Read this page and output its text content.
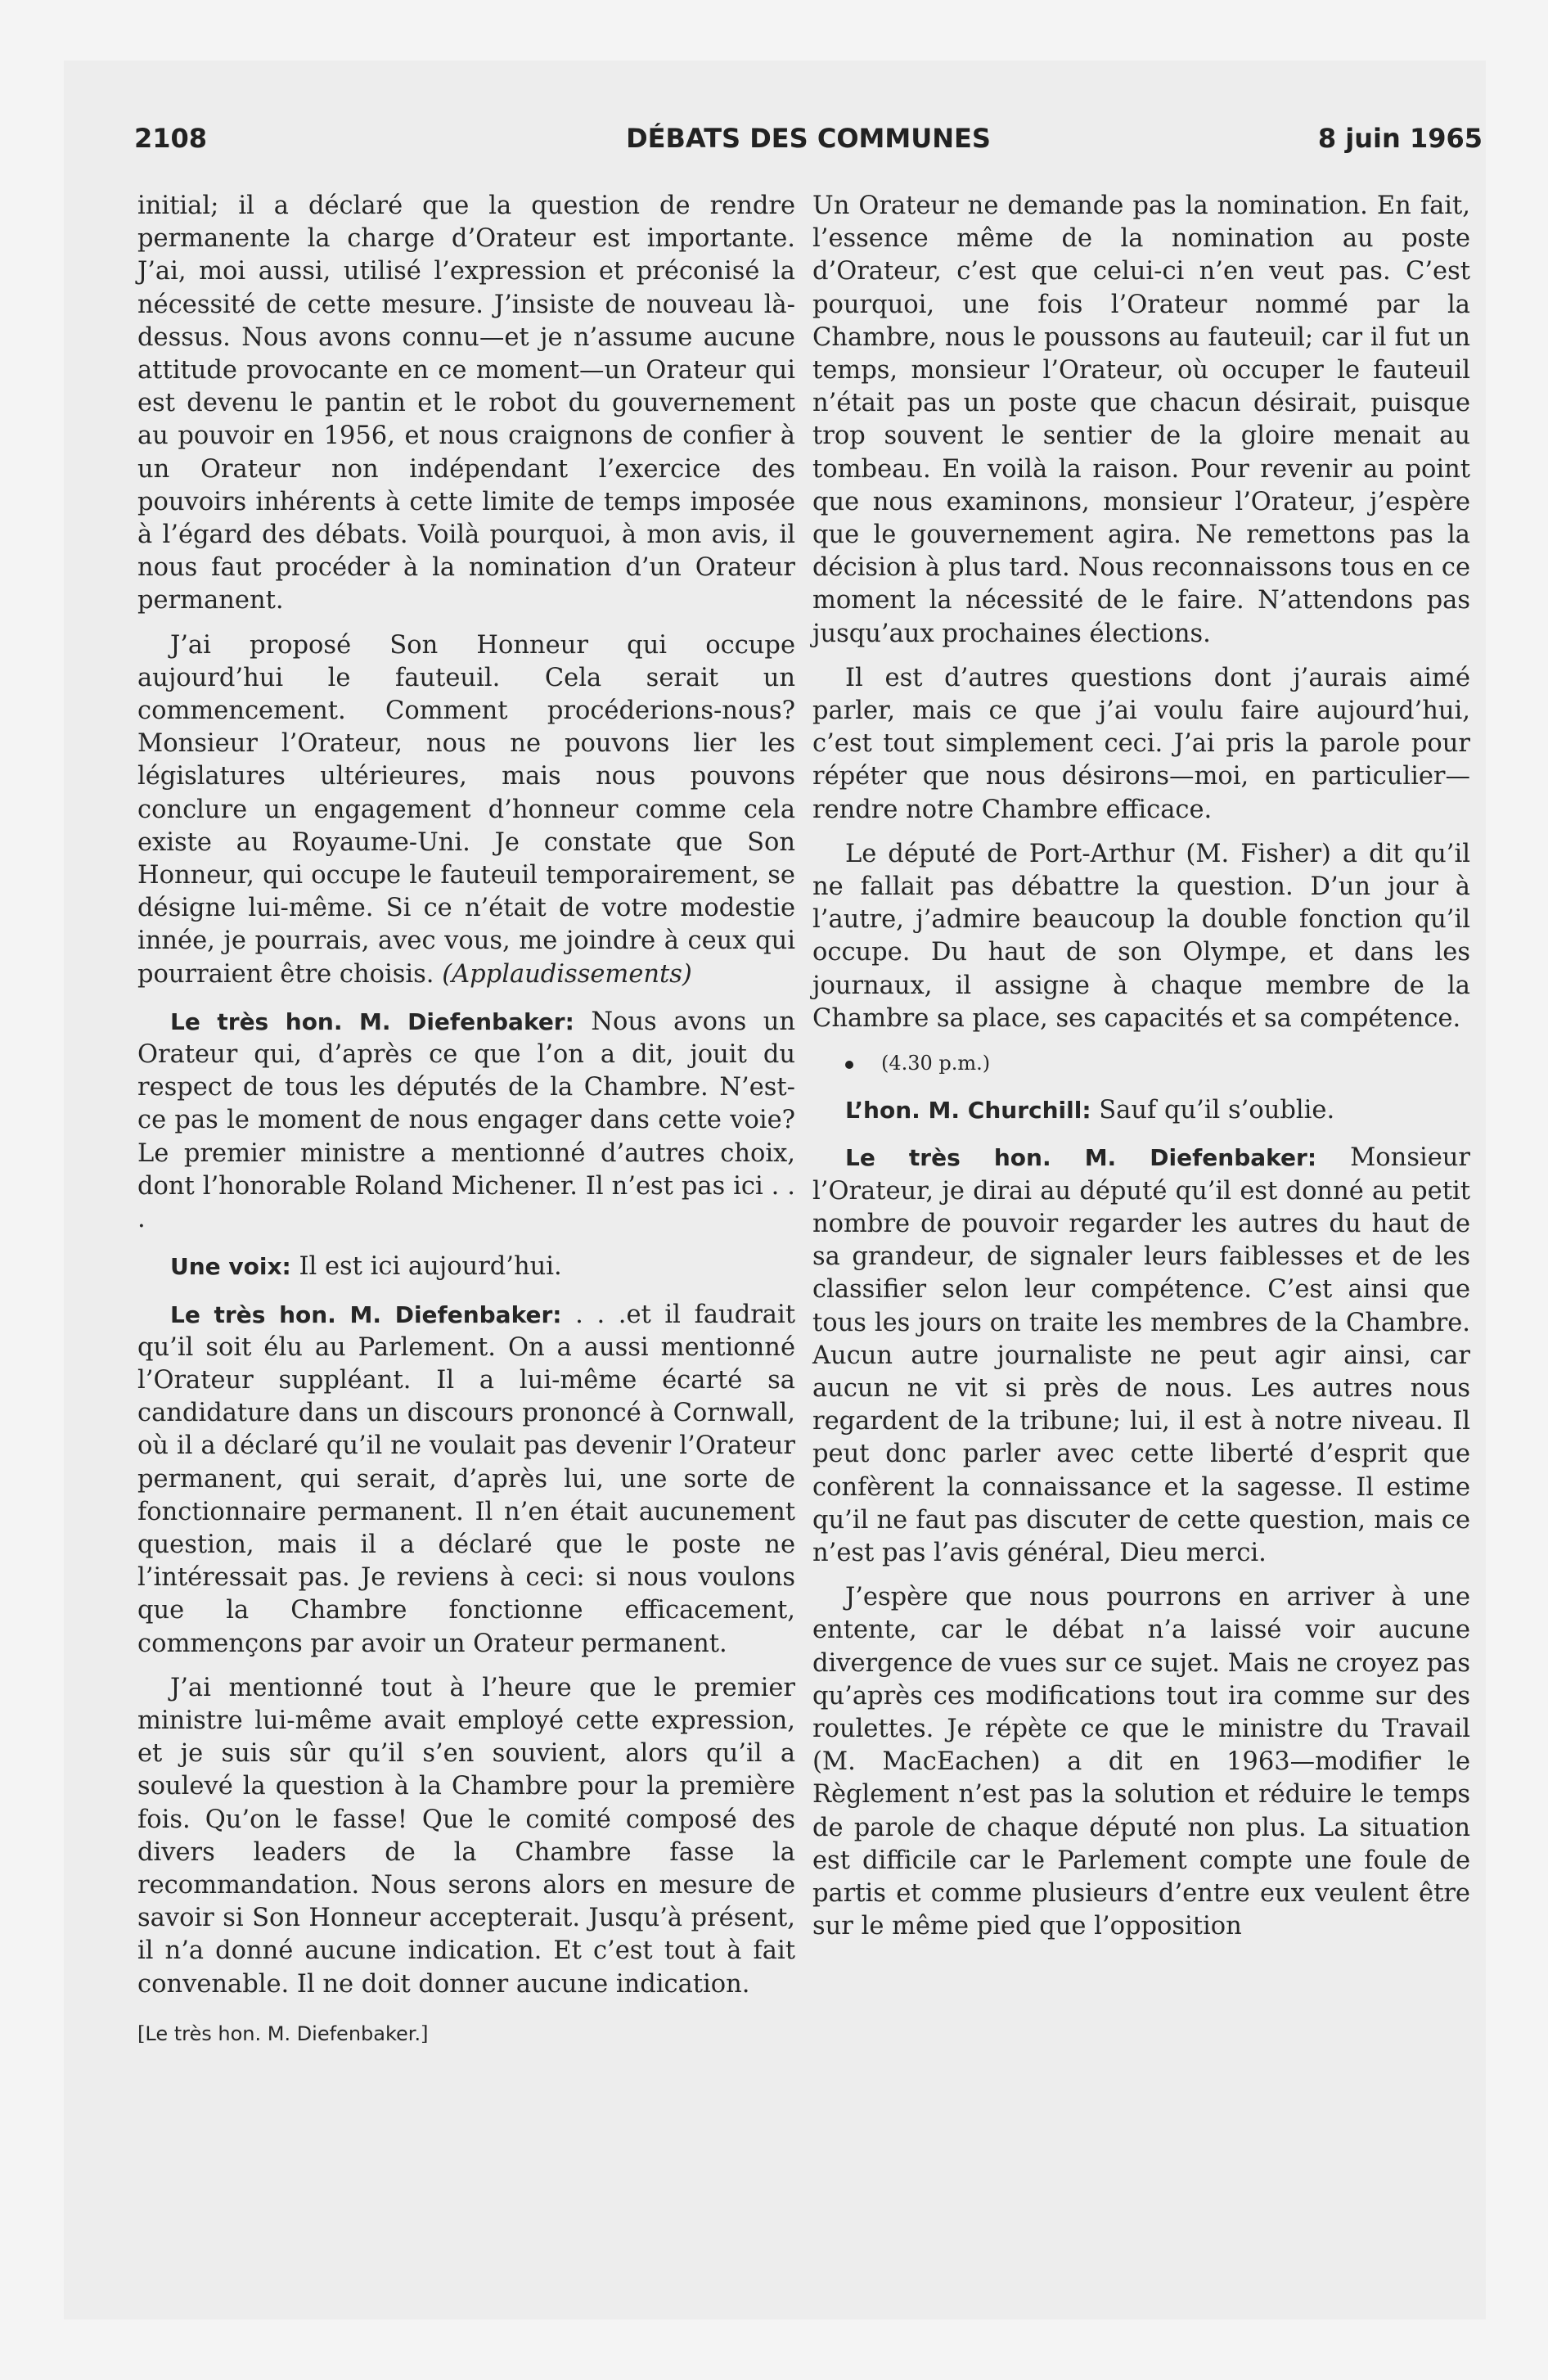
2108	DÉBATS DES COMMUNES	8 juin 1965

initial; il a déclaré que la question de rendre permanente la charge d’Orateur est importante. J’ai, moi aussi, utilisé l’expression et préconisé la nécessité de cette mesure. J’insiste de nouveau là-dessus. Nous avons connu—et je n’assume aucune attitude provocante en ce moment—un Orateur qui est devenu le pantin et le robot du gouvernement au pouvoir en 1956, et nous craignons de confier à un Orateur non indépendant l’exercice des pouvoirs inhérents à cette limite de temps imposée à l’égard des débats. Voilà pourquoi, à mon avis, il nous faut procéder à la nomination d’un Orateur permanent.

J’ai proposé Son Honneur qui occupe aujourd’hui le fauteuil. Cela serait un commencement. Comment procéderions-nous? Monsieur l’Orateur, nous ne pouvons lier les législatures ultérieures, mais nous pouvons conclure un engagement d’honneur comme cela existe au Royaume-Uni. Je constate que Son Honneur, qui occupe le fauteuil temporairement, se désigne lui-même. Si ce n’était de votre modestie innée, je pourrais, avec vous, me joindre à ceux qui pourraient être choisis. (Applaudissements)

Le très hon. M. Diefenbaker: Nous avons un Orateur qui, d’après ce que l’on a dit, jouit du respect de tous les députés de la Chambre. N’est-ce pas le moment de nous engager dans cette voie? Le premier ministre a mentionné d’autres choix, dont l’honorable Roland Michener. Il n’est pas ici . . .

Une voix: Il est ici aujourd’hui.

Le très hon. M. Diefenbaker: . . .et il faudrait qu’il soit élu au Parlement. On a aussi mentionné l’Orateur suppléant. Il a lui-même écarté sa candidature dans un discours prononcé à Cornwall, où il a déclaré qu’il ne voulait pas devenir l’Orateur permanent, qui serait, d’après lui, une sorte de fonctionnaire permanent. Il n’en était aucunement question, mais il a déclaré que le poste ne l’intéressait pas. Je reviens à ceci: si nous voulons que la Chambre fonctionne efficacement, commençons par avoir un Orateur permanent.

J’ai mentionné tout à l’heure que le premier ministre lui-même avait employé cette expression, et je suis sûr qu’il s’en souvient, alors qu’il a soulevé la question à la Chambre pour la première fois. Qu’on le fasse! Que le comité composé des divers leaders de la Chambre fasse la recommandation. Nous serons alors en mesure de savoir si Son Honneur accepterait. Jusqu’à présent, il n’a donné aucune indication. Et c’est tout à fait convenable. Il ne doit donner aucune indication.

[Le très hon. M. Diefenbaker.]

Un Orateur ne demande pas la nomination. En fait, l’essence même de la nomination au poste d’Orateur, c’est que celui-ci n’en veut pas. C’est pourquoi, une fois l’Orateur nommé par la Chambre, nous le poussons au fauteuil; car il fut un temps, monsieur l’Orateur, où occuper le fauteuil n’était pas un poste que chacun désirait, puisque trop souvent le sentier de la gloire menait au tombeau. En voilà la raison. Pour revenir au point que nous examinons, monsieur l’Orateur, j’espère que le gouvernement agira. Ne remettons pas la décision à plus tard. Nous reconnaissons tous en ce moment la nécessité de le faire. N’attendons pas jusqu’aux prochaines élections.

Il est d’autres questions dont j’aurais aimé parler, mais ce que j’ai voulu faire aujourd’hui, c’est tout simplement ceci. J’ai pris la parole pour répéter que nous désirons—moi, en particulier—rendre notre Chambre efficace.

Le député de Port-Arthur (M. Fisher) a dit qu’il ne fallait pas débattre la question. D’un jour à l’autre, j’admire beaucoup la double fonction qu’il occupe. Du haut de son Olympe, et dans les journaux, il assigne à chaque membre de la Chambre sa place, ses capacités et sa compétence.

(4.30 p.m.)

L’hon. M. Churchill: Sauf qu’il s’oublie.

Le très hon. M. Diefenbaker: Monsieur l’Orateur, je dirai au député qu’il est donné au petit nombre de pouvoir regarder les autres du haut de sa grandeur, de signaler leurs faiblesses et de les classifier selon leur compétence. C’est ainsi que tous les jours on traite les membres de la Chambre. Aucun autre journaliste ne peut agir ainsi, car aucun ne vit si près de nous. Les autres nous regardent de la tribune; lui, il est à notre niveau. Il peut donc parler avec cette liberté d’esprit que confèrent la connaissance et la sagesse. Il estime qu’il ne faut pas discuter de cette question, mais ce n’est pas l’avis général, Dieu merci.

J’espère que nous pourrons en arriver à une entente, car le débat n’a laissé voir aucune divergence de vues sur ce sujet. Mais ne croyez pas qu’après ces modifications tout ira comme sur des roulettes. Je répète ce que le ministre du Travail (M. MacEachen) a dit en 1963—modifier le Règlement n’est pas la solution et réduire le temps de parole de chaque député non plus. La situation est difficile car le Parlement compte une foule de partis et comme plusieurs d’entre eux veulent être sur le même pied que l’opposition
